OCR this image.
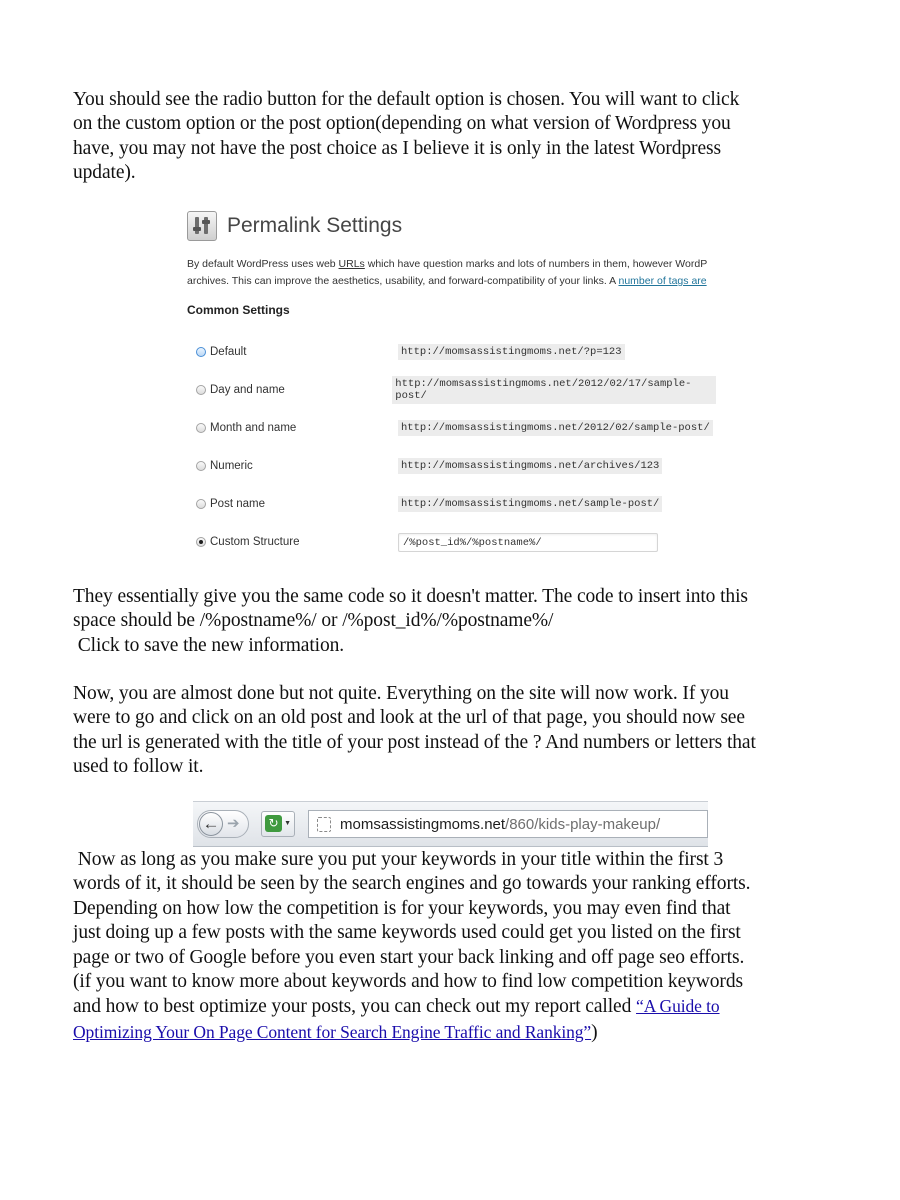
You should see the radio button for the default option is chosen. You will want to click
on the custom option or the post option(depending on what version of Wordpress you
have, you may not have the post choice as I believe it is only in the latest Wordpress
update).
Permalink Settings
By default WordPress uses web URLs which have question marks and lots of numbers in them, however WordP
archives. This can improve the aesthetics, usability, and forward-compatibility of your links. A number of tags are
Common Settings
Default	http://momsassistingmoms.net/?p=123
Day and name	http://momsassistingmoms.net/2012/02/17/sample-post/
Month and name	http://momsassistingmoms.net/2012/02/sample-post/
Numeric	http://momsassistingmoms.net/archives/123
Post name	http://momsassistingmoms.net/sample-post/
Custom Structure	/%post_id%/%postname%/
They essentially give you the same code so it doesn't matter. The code to insert into this
space should be /%postname%/ or /%post_id%/%postname%/
Click to save the new information.
Now, you are almost done but not quite. Everything on the site will now work. If you
were to go and click on an old post and look at the url of that page, you should now see
the url is generated with the title of your post instead of the ? And numbers or letters that
used to follow it.
← ➔ ↻ ▼	momsassistingmoms.net /860/kids-play-makeup/
Now as long as you make sure you put your keywords in your title within the first 3
words of it, it should be seen by the search engines and go towards your ranking efforts.
Depending on how low the competition is for your keywords, you may even find that
just doing up a few posts with the same keywords used could get you listed on the first
page or two of Google before you even start your back linking and off page seo efforts.
(if you want to know more about keywords and how to find low competition keywords
and how to best optimize your posts, you can check out my report called “A Guide to
Optimizing Your On Page Content for Search Engine Traffic and Ranking”)
